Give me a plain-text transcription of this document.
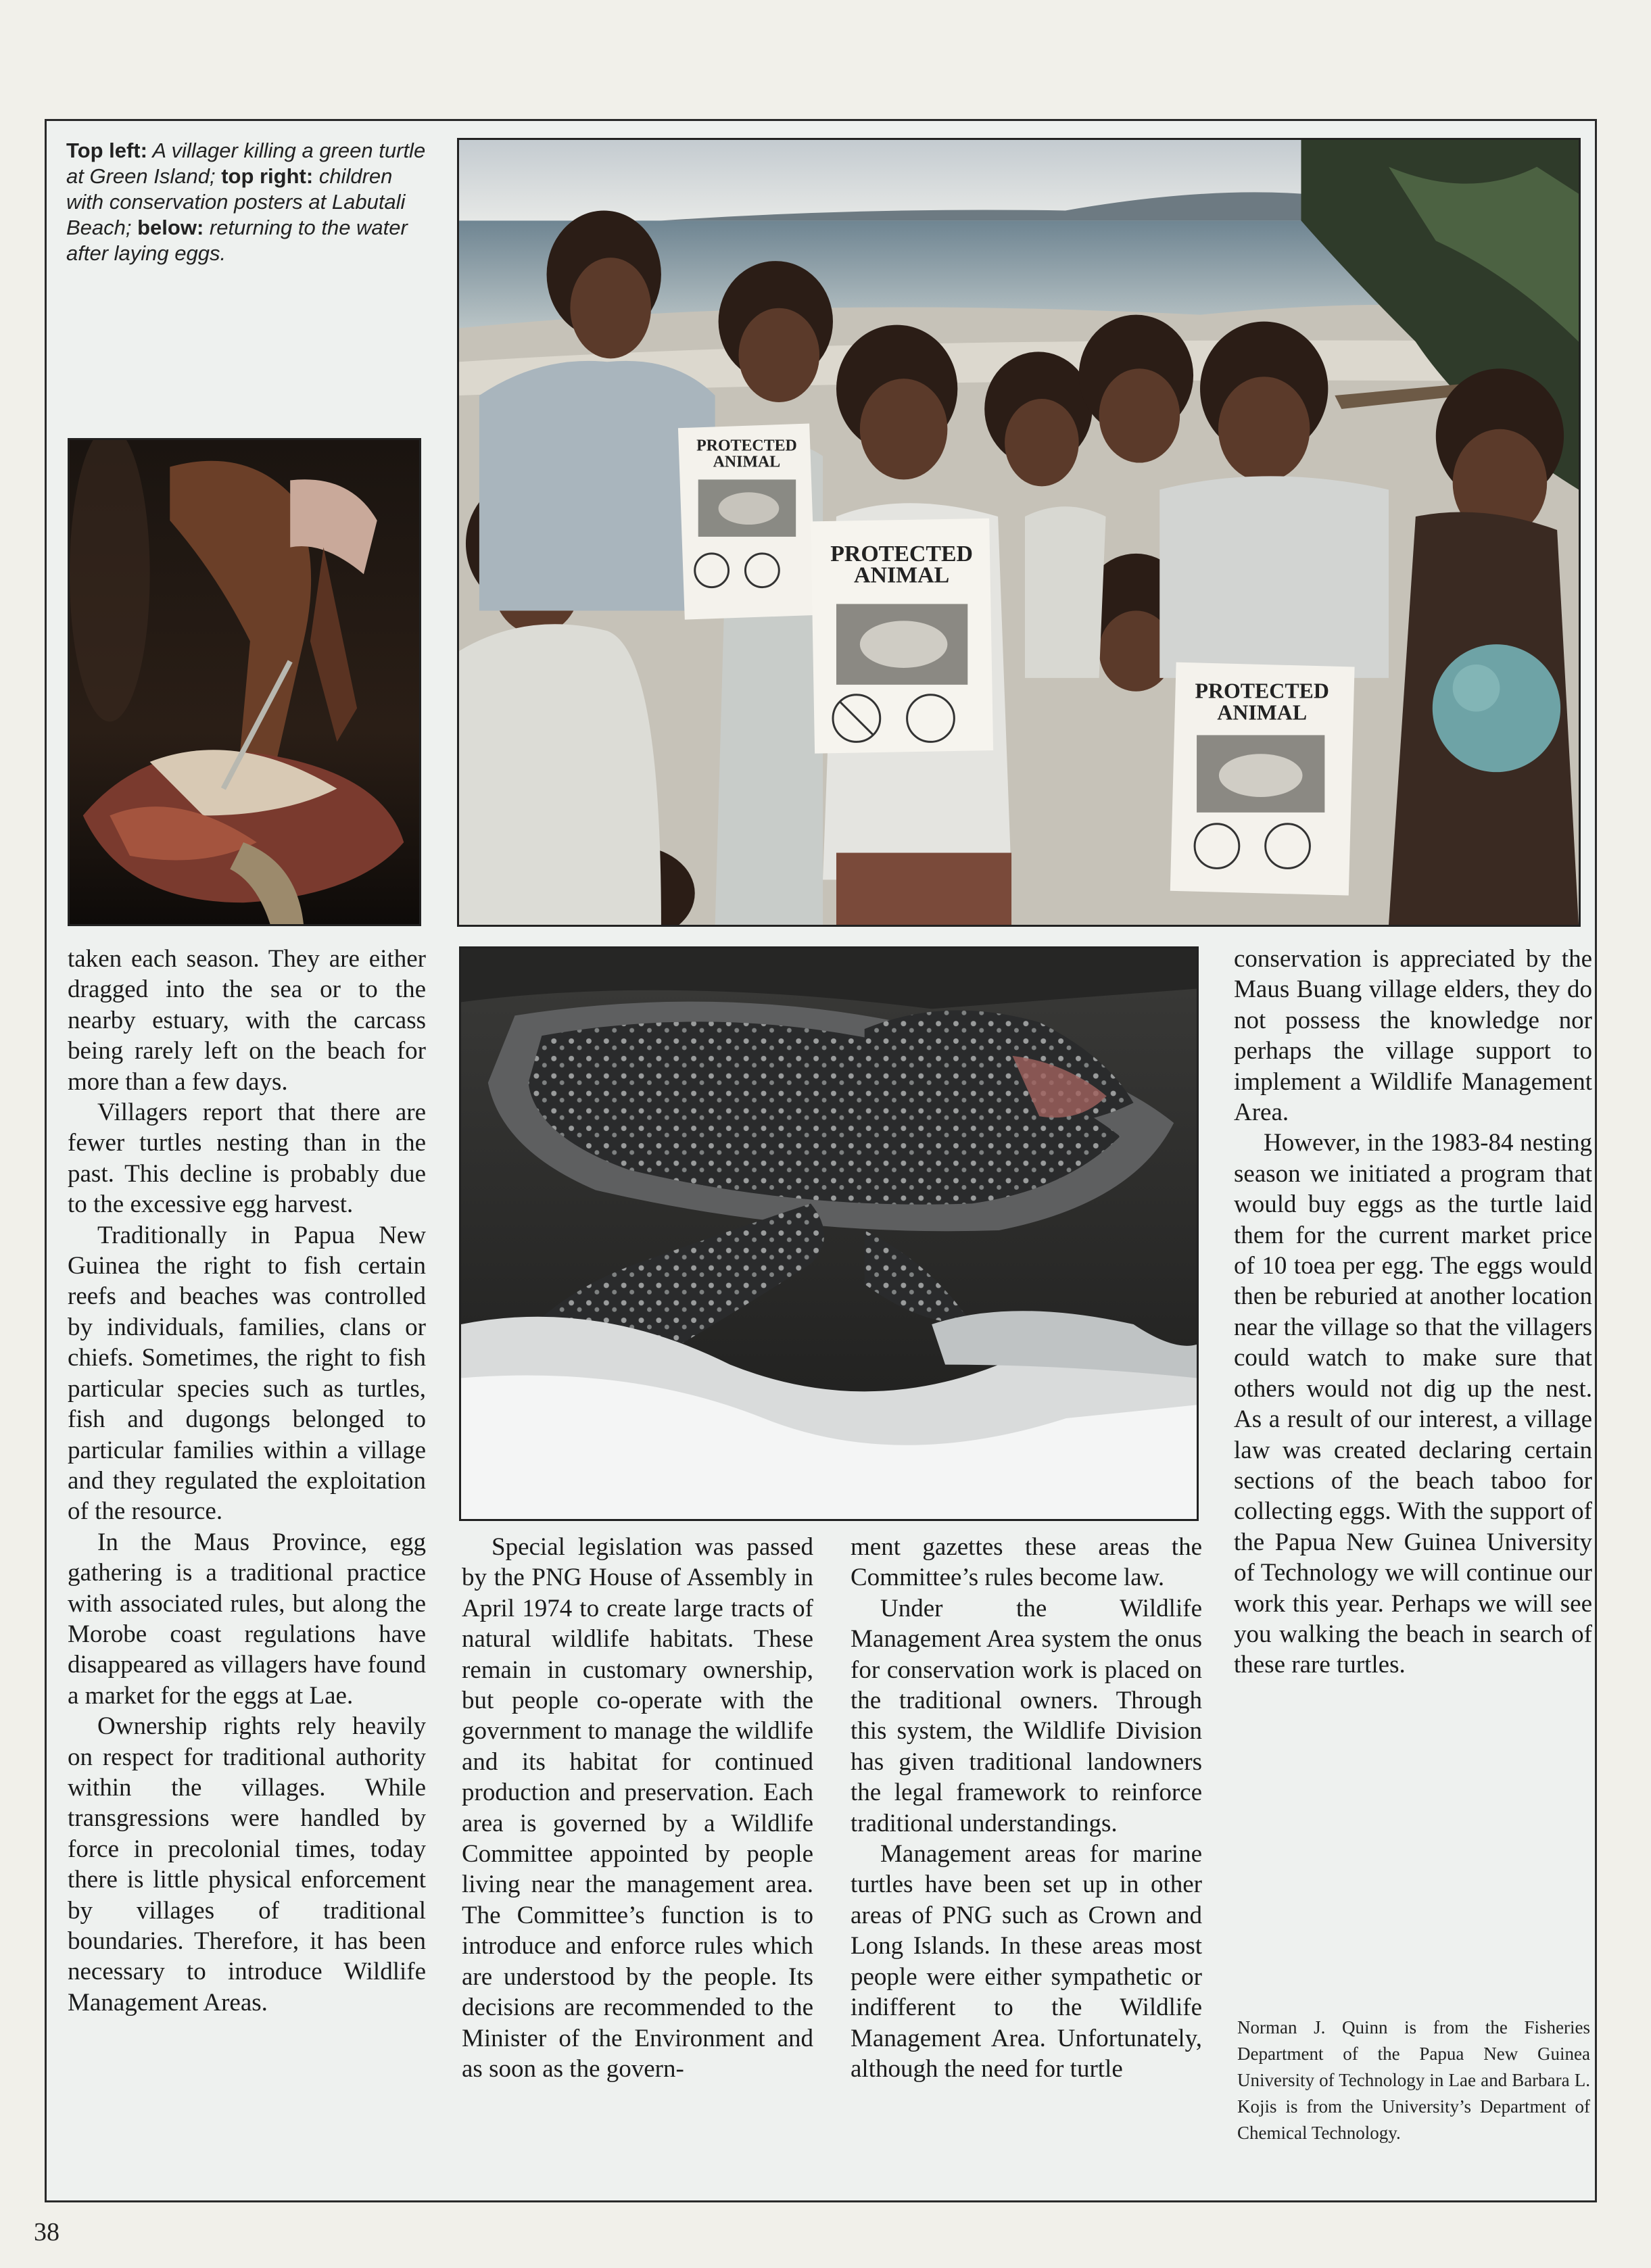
Top left: A villager killing a green turtle at Green Island; top right: children with conservation posters at Labutali Beach; below: returning to the water after laying eggs.
PROTECTED
ANIMAL
PROTECTED
ANIMAL
PROTECTED
ANIMAL

taken each season. They are either dragged into the sea or to the nearby estuary, with the carcass being rarely left on the beach for more than a few days.

Villagers report that there are fewer turtles nesting than in the past. This decline is probably due to the excessive egg harvest.

Traditionally in Papua New Guinea the right to fish certain reefs and beaches was controlled by individuals, families, clans or chiefs. Sometimes, the right to fish particular species such as turtles, fish and dugongs belonged to particular families within a village and they regulated the exploitation of the resource.

In the Maus Province, egg gathering is a traditional practice with associated rules, but along the Morobe coast regulations have disappeared as villagers have found a market for the eggs at Lae.

Ownership rights rely heavily on respect for traditional authority within the villages. While transgressions were handled by force in precolonial times, today there is little physical enforcement by villages of traditional boundaries. Therefore, it has been necessary to introduce Wildlife Management Areas.

Special legislation was passed by the PNG House of Assembly in April 1974 to create large tracts of natural wildlife habitats. These remain in customary ownership, but people co-operate with the government to manage the wildlife and its habitat for continued production and preservation. Each area is governed by a Wildlife Committee appointed by people living near the management area. The Committee’s function is to introduce and enforce rules which are understood by the people. Its decisions are recommended to the Minister of the Environment and as soon as the govern-

ment gazettes these areas the Committee’s rules become law.

Under the Wildlife Management Area system the onus for conservation work is placed on the traditional owners. Through this system, the Wildlife Division has given traditional landowners the legal framework to reinforce traditional understandings.

Management areas for marine turtles have been set up in other areas of PNG such as Crown and Long Islands. In these areas most people were either sympathetic or indifferent to the Wildlife Management Area. Unfortunately, although the need for turtle

conservation is appreciated by the Maus Buang village elders, they do not possess the knowledge nor perhaps the village support to implement a Wildlife Management Area.

However, in the 1983-84 nesting season we initiated a program that would buy eggs as the turtle laid them for the current market price of 10 toea per egg. The eggs would then be reburied at another location near the village so that the villagers could watch to make sure that others would not dig up the nest. As a result of our interest, a village law was created declaring certain sections of the beach taboo for collecting eggs. With the support of the Papua New Guinea University of Technology we will continue our work this year. Perhaps we will see you walking the beach in search of these rare turtles.

Norman J. Quinn is from the Fisheries Department of the Papua New Guinea University of Technology in Lae and Barbara L. Kojis is from the University’s Department of Chemical Technology.
38
